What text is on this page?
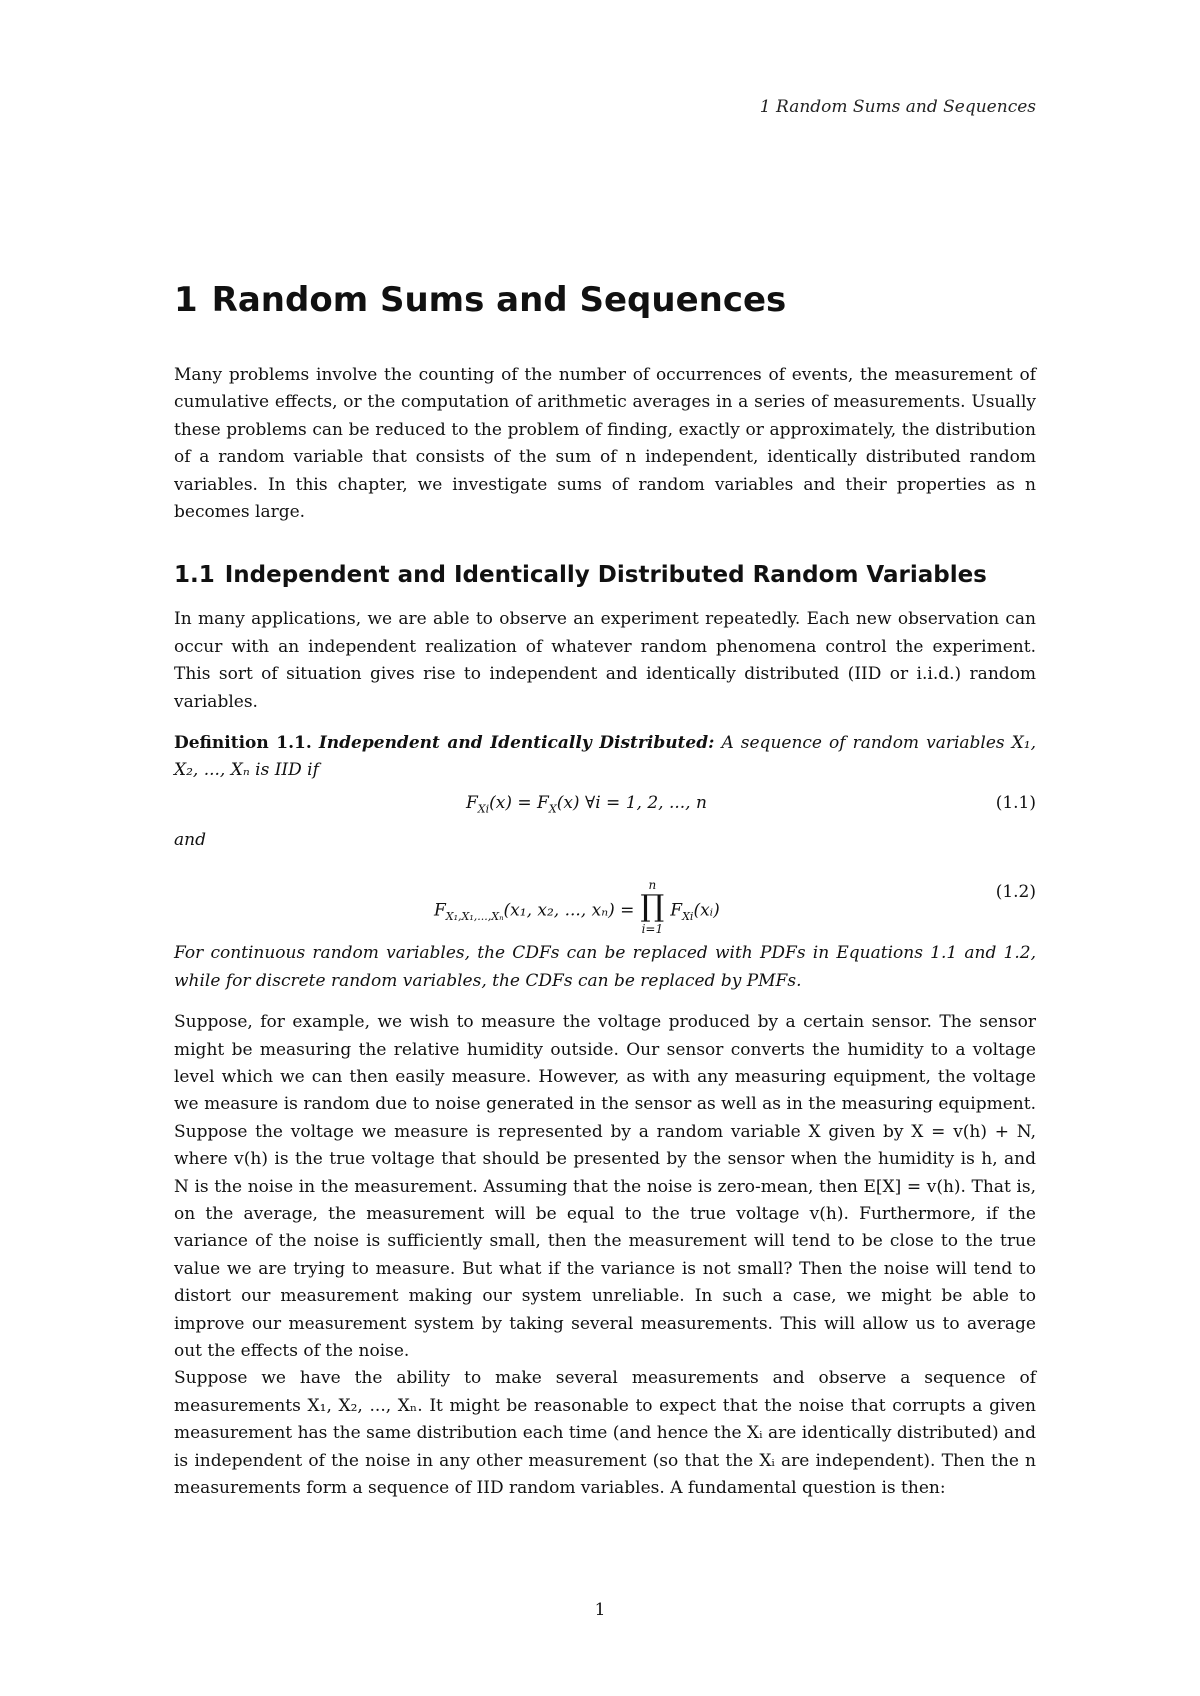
1 Random Sums and Sequences
1 Random Sums and Sequences

Many problems involve the counting of the number of occurrences of events, the measurement of cumulative effects, or the computation of arithmetic averages in a series of measurements. Usually these problems can be reduced to the problem of finding, exactly or approximately, the distribution of a random variable that consists of the sum of n independent, identically distributed random variables. In this chapter, we investigate sums of random variables and their properties as n becomes large.

1.1 Independent and Identically Distributed Random Variables

In many applications, we are able to observe an experiment repeatedly. Each new observation can occur with an independent realization of whatever random phenomena control the experiment. This sort of situation gives rise to independent and identically distributed (IID or i.i.d.) random variables.

Definition 1.1. Independent and Identically Distributed: A sequence of random variables X₁, X₂, ..., Xₙ is IID if

$F_{Xi}(x) = F_X(x)$ ∀i = 1, 2, ..., n	(1.1)

and

$F_{X_1,X_1,...,X_n}(x_1$, x₂, ..., xₙ) =
n
∏
i=1
$F_{Xi}(xᵢ)$
(1.2)

For continuous random variables, the CDFs can be replaced with PDFs in Equations 1.1 and 1.2, while for discrete random variables, the CDFs can be replaced by PMFs.

Suppose, for example, we wish to measure the voltage produced by a certain sensor. The sensor might be measuring the relative humidity outside. Our sensor converts the humidity to a voltage level which we can then easily measure. However, as with any measuring equipment, the voltage we measure is random due to noise generated in the sensor as well as in the measuring equipment. Suppose the voltage we measure is represented by a random variable X given by X = v(h) + N, where v(h) is the true voltage that should be presented by the sensor when the humidity is h, and N is the noise in the measurement. Assuming that the noise is zero-mean, then E[X] = v(h). That is, on the average, the measurement will be equal to the true voltage v(h). Furthermore, if the variance of the noise is sufficiently small, then the measurement will tend to be close to the true value we are trying to measure. But what if the variance is not small? Then the noise will tend to distort our measurement making our system unreliable. In such a case, we might be able to improve our measurement system by taking several measurements. This will allow us to average out the effects of the noise.

Suppose we have the ability to make several measurements and observe a sequence of measurements X₁, X₂, ..., Xₙ. It might be reasonable to expect that the noise that corrupts a given measurement has the same distribution each time (and hence the Xᵢ are identically distributed) and is independent of the noise in any other measurement (so that the Xᵢ are independent). Then the n measurements form a sequence of IID random variables. A fundamental question is then:

1
